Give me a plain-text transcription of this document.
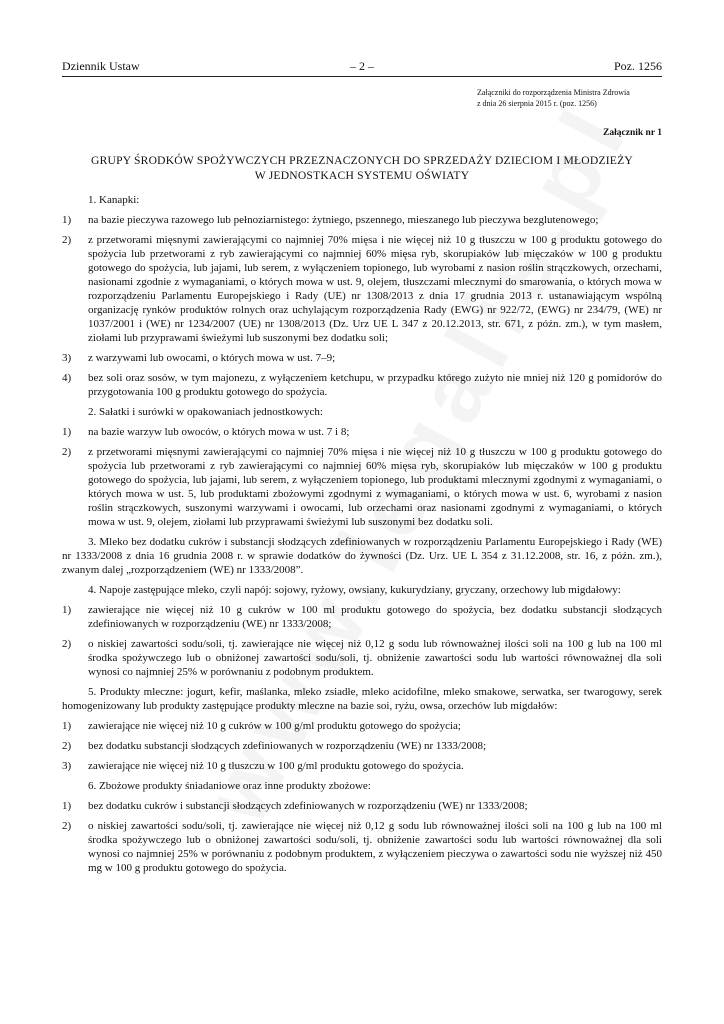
Dziennik Ustaw	– 2 –	Poz. 1256
Załączniki do rozporządzenia Ministra Zdrowia
z dnia 26 sierpnia 2015 r. (poz. 1256)
Załącznik nr 1
GRUPY ŚRODKÓW SPOŻYWCZYCH PRZEZNACZONYCH DO SPRZEDAŻY DZIECIOM I MŁODZIEŻY
W JEDNOSTKACH SYSTEMU OŚWIATY

1. Kanapki:

1) na bazie pieczywa razowego lub pełnoziarnistego: żytniego, pszennego, mieszanego lub pieczywa bezglutenowego;
2) z przetworami mięsnymi zawierającymi co najmniej 70% mięsa i nie więcej niż 10 g tłuszczu w 100 g produktu gotowego do spożycia lub przetworami z ryb zawierającymi co najmniej 60% mięsa ryb, skorupiaków lub mięczaków w 100 g produktu gotowego do spożycia, lub jajami, lub serem, z wyłączeniem topionego, lub wyrobami z nasion roślin strączkowych, orzechami, nasionami zgodnie z wymaganiami, o których mowa w ust. 9, olejem, tłuszczami mlecznymi do smarowania, o których mowa w rozporządzeniu Parlamentu Europejskiego i Rady (UE) nr 1308/2013 z dnia 17 grudnia 2013 r. ustanawiającym wspólną organizację rynków produktów rolnych oraz uchylającym rozporządzenia Rady (EWG) nr 922/72, (EWG) nr 234/79, (WE) nr 1037/2001 i (WE) nr 1234/2007 (UE) nr 1308/2013 (Dz. Urz UE L 347 z 20.12.2013, str. 671, z późn. zm.), w tym masłem, ziołami lub przyprawami świeżymi lub suszonymi bez dodatku soli;
3) z warzywami lub owocami, o których mowa w ust. 7–9;
4) bez soli oraz sosów, w tym majonezu, z wyłączeniem ketchupu, w przypadku którego zużyto nie mniej niż 120 g pomidorów do przygotowania 100 g produktu gotowego do spożycia.

2. Sałatki i surówki w opakowaniach jednostkowych:

1) na bazie warzyw lub owoców, o których mowa w ust. 7 i 8;
2) z przetworami mięsnymi zawierającymi co najmniej 70% mięsa i nie więcej niż 10 g tłuszczu w 100 g produktu gotowego do spożycia lub przetworami z ryb zawierającymi co najmniej 60% mięsa ryb, skorupiaków lub mięczaków w 100 g produktu gotowego do spożycia, lub jajami, lub serem, z wyłączeniem topionego, lub produktami mlecznymi zgodnymi z wymaganiami, o których mowa w ust. 5, lub produktami zbożowymi zgodnymi z wymaganiami, o których mowa w ust. 6, wyrobami z nasion roślin strączkowych, suszonymi warzywami i owocami, lub orzechami oraz nasionami zgodnymi z wymaganiami, o których mowa w ust. 9, olejem, ziołami lub przyprawami świeżymi lub suszonymi bez dodatku soli.

3. Mleko bez dodatku cukrów i substancji słodzących zdefiniowanych w rozporządzeniu Parlamentu Europejskiego i Rady (WE) nr 1333/2008 z dnia 16 grudnia 2008 r. w sprawie dodatków do żywności (Dz. Urz. UE L 354 z 31.12.2008, str. 16, z późn. zm.), zwanym dalej „rozporządzeniem (WE) nr 1333/2008”.

4. Napoje zastępujące mleko, czyli napój: sojowy, ryżowy, owsiany, kukurydziany, gryczany, orzechowy lub migdałowy:

1) zawierające nie więcej niż 10 g cukrów w 100 ml produktu gotowego do spożycia, bez dodatku substancji słodzących zdefiniowanych w rozporządzeniu (WE) nr 1333/2008;
2) o niskiej zawartości sodu/soli, tj. zawierające nie więcej niż 0,12 g sodu lub równoważnej ilości soli na 100 g lub na 100 ml środka spożywczego lub o obniżonej zawartości sodu/soli, tj. obniżenie zawartości sodu lub wartości równoważnej dla soli wynosi co najmniej 25% w porównaniu z podobnym produktem.

5. Produkty mleczne: jogurt, kefir, maślanka, mleko zsiadłe, mleko acidofilne, mleko smakowe, serwatka, ser twarogowy, serek homogenizowany lub produkty zastępujące produkty mleczne na bazie soi, ryżu, owsa, orzechów lub migdałów:

1) zawierające nie więcej niż 10 g cukrów w 100 g/ml produktu gotowego do spożycia;
2) bez dodatku substancji słodzących zdefiniowanych w rozporządzeniu (WE) nr 1333/2008;
3) zawierające nie więcej niż 10 g tłuszczu w 100 g/ml produktu gotowego do spożycia.

6. Zbożowe produkty śniadaniowe oraz inne produkty zbożowe:

1) bez dodatku cukrów i substancji słodzących zdefiniowanych w rozporządzeniu (WE) nr 1333/2008;
2) o niskiej zawartości sodu/soli, tj. zawierające nie więcej niż 0,12 g sodu lub równoważnej ilości soli na 100 g lub na 100 ml środka spożywczego lub o obniżonej zawartości sodu/soli, tj. obniżenie zawartości sodu lub wartości równoważnej dla soli wynosi co najmniej 25% w porównaniu z podobnym produktem, z wyłączeniem pieczywa o zawartości sodu nie wyższej niż 450 mg w 100 g produktu gotowego do spożycia.
